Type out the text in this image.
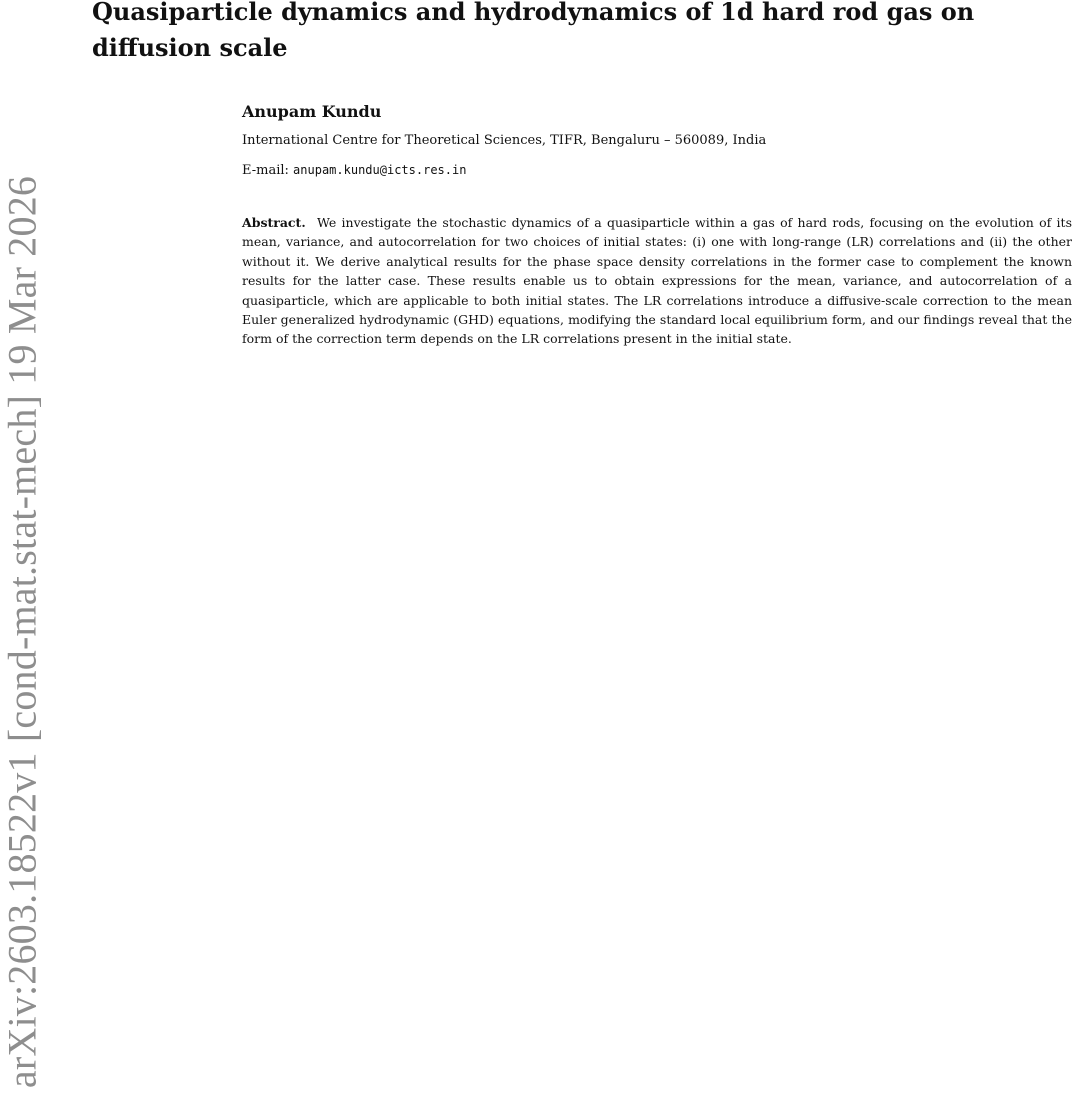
arXiv:2603.18522v1 [cond-mat.stat-mech] 19 Mar 2026
Quasiparticle dynamics and hydrodynamics of 1d hard rod gas on diffusion scale
Anupam Kundu
International Centre for Theoretical Sciences, TIFR, Bengaluru – 560089, India
E-mail: anupam.kundu@icts.res.in

Abstract. We investigate the stochastic dynamics of a quasiparticle within a gas of hard rods, focusing on the evolution of its mean, variance, and autocorrelation for two choices of initial states: (i) one with long-range (LR) correlations and (ii) the other without it. We derive analytical results for the phase space density correlations in the former case to complement the known results for the latter case. These results enable us to obtain expressions for the mean, variance, and autocorrelation of a quasiparticle, which are applicable to both initial states. The LR correlations introduce a diffusive-scale correction to the mean Euler generalized hydrodynamic (GHD) equations, modifying the standard local equilibrium form, and our findings reveal that the form of the correction term depends on the LR correlations present in the initial state.
